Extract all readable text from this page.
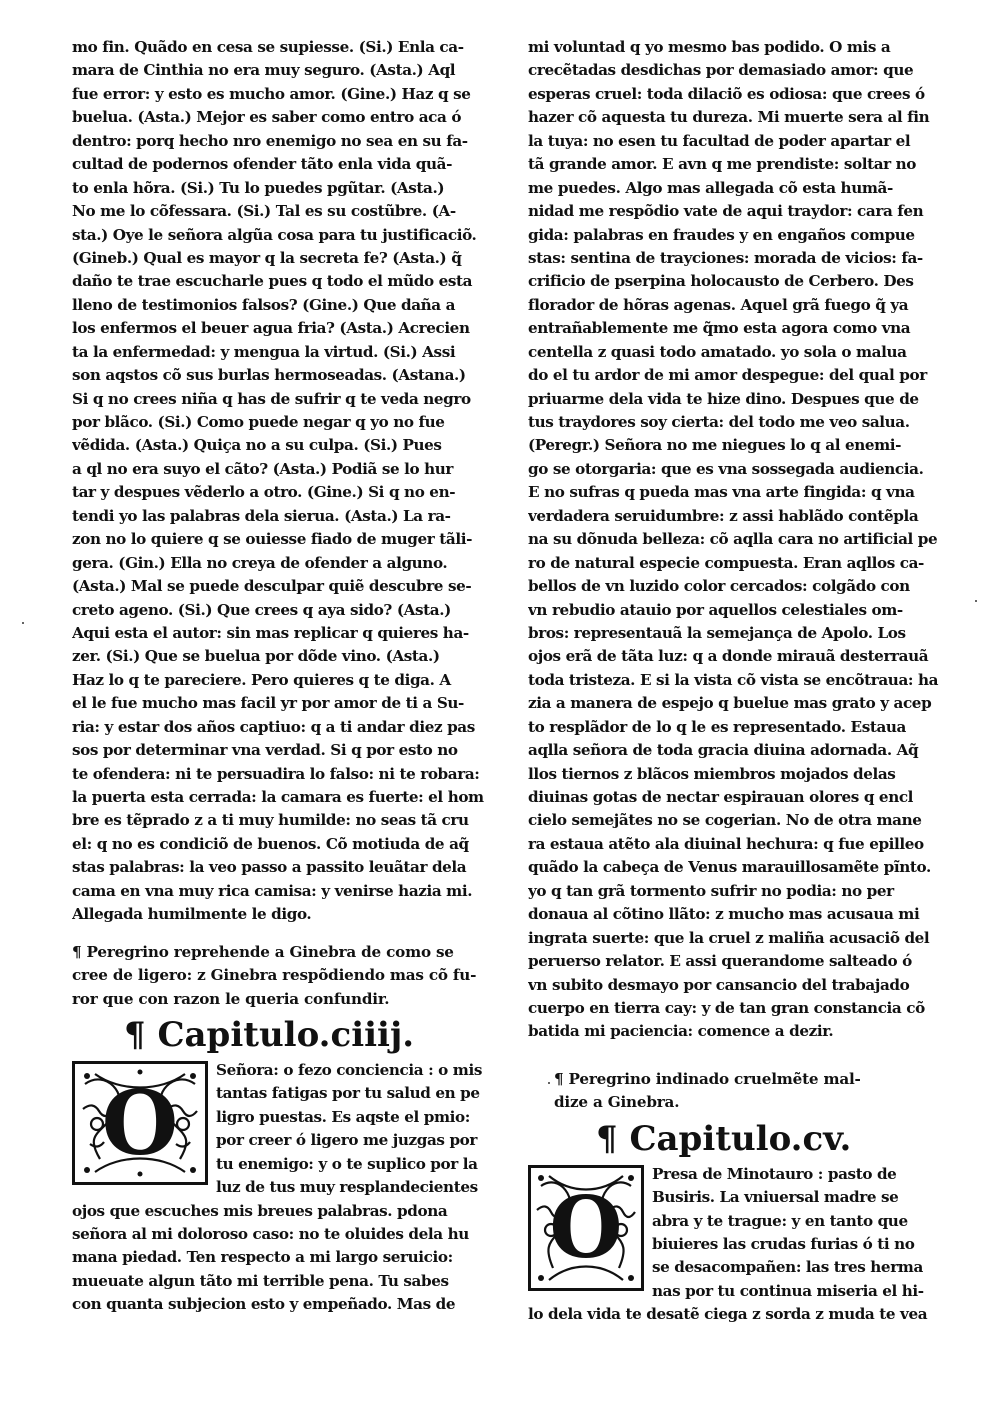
mo fin. Quãdo en cesa se supiesse. (Si.) Enla ca-
mara de Cinthia no era muy seguro. (Asta.) Aql
fue error: y esto es mucho amor. (Gine.) Haz q se
buelua. (Asta.) Mejor es saber como entro aca ó
dentro: porq hecho nro enemigo no sea en su fa-
cultad de podernos ofender tãto enla vida quã-
to enla hõra. (Si.) Tu lo puedes pgũtar. (Asta.)
No me lo cõfessara. (Si.) Tal es su costũbre. (A-
sta.) Oye le señora algũa cosa para tu justificaciõ.
(Gineb.) Qual es mayor q la secreta fe? (Asta.) q̃
daño te trae escucharle pues q todo el mũdo esta
lleno de testimonios falsos? (Gine.) Que daña a
los enfermos el beuer agua fria? (Asta.) Acrecien
ta la enfermedad: y mengua la virtud. (Si.) Assi
son aqstos cõ sus burlas hermoseadas. (Astana.)
Si q no crees niña q has de sufrir q te veda negro
por blãco. (Si.) Como puede negar q yo no fue
vẽdida. (Asta.) Quiça no a su culpa. (Si.) Pues
a ql no era suyo el cãto? (Asta.) Podiã se lo hur
tar y despues vẽderlo a otro. (Gine.) Si q no en-
tendi yo las palabras dela sierua. (Asta.) La ra-
zon no lo quiere q se ouiesse fiado de muger tãli-
gera. (Gin.) Ella no creya de ofender a alguno.
(Asta.) Mal se puede desculpar quiẽ descubre se-
creto ageno. (Si.) Que crees q aya sido? (Asta.)
Aqui esta el autor: sin mas replicar q quieres ha-
zer. (Si.) Que se buelua por dõde vino. (Asta.)
Haz lo q te pareciere. Pero quieres q te diga. A
el le fue mucho mas facil yr por amor de ti a Su-
ria: y estar dos años captiuo: q a ti andar diez pas
sos por determinar vna verdad. Si q por esto no
te ofendera: ni te persuadira lo falso: ni te robara:
la puerta esta cerrada: la camara es fuerte: el hom
bre es tẽprado z a ti muy humilde: no seas tã cru
el: q no es condiciõ de buenos. Cõ motiuda de aq̃
stas palabras: la veo passo a passito leuãtar dela
cama en vna muy rica camisa: y venirse hazia mi.
Allegada humilmente le digo.
¶ Peregrino reprehende a Ginebra de como se
cree de ligero: z Ginebra respõdiendo mas cõ fu-
ror que con razon le queria confundir.
¶ Capitulo.ciiij.
O
Señora: o fezo conciencia : o mis
tantas fatigas por tu salud en pe
ligro puestas. Es aqste el pmio:
por creer ó ligero me juzgas por
tu enemigo: y o te suplico por la
luz de tus muy resplandecientes
ojos que escuches mis breues palabras. pdona
señora al mi doloroso caso: no te oluides dela hu
mana piedad. Ten respecto a mi largo seruicio:
mueuate algun tãto mi terrible pena. Tu sabes
con quanta subjecion esto y empeñado. Mas de
mi voluntad q yo mesmo bas podido. O mis a
crecẽtadas desdichas por demasiado amor: que
esperas cruel: toda dilaciõ es odiosa: que crees ó
hazer cõ aquesta tu dureza. Mi muerte sera al fin
la tuya: no esen tu facultad de poder apartar el
tã grande amor. E avn q me prendiste: soltar no
me puedes. Algo mas allegada cõ esta humã-
nidad me respõdio vate de aqui traydor: cara fen
gida: palabras en fraudes y en engaños compue
stas: sentina de trayciones: morada de vicios: fa-
crificio de pserpina holocausto de Cerbero. Des
florador de hõras agenas. Aquel grã fuego q̃ ya
entrañablemente me q̃mo esta agora como vna
centella z quasi todo amatado. yo sola o malua
do el tu ardor de mi amor despegue: del qual por
priuarme dela vida te hize dino. Despues que de
tus traydores soy cierta: del todo me veo salua.
(Peregr.) Señora no me niegues lo q al enemi-
go se otorgaria: que es vna sossegada audiencia.
E no sufras q pueda mas vna arte fingida: q vna
verdadera seruidumbre: z assi hablãdo contẽpla
na su dõnuda belleza: cõ aqlla cara no artificial pe
ro de natural especie compuesta. Eran aqllos ca-
bellos de vn luzido color cercados: colgãdo con
vn rebudio atauio por aquellos celestiales om-
bros: representauã la semejança de Apolo. Los
ojos erã de tãta luz: q a donde mirauã desterrauã
toda tristeza. E si la vista cõ vista se encõtraua: ha
zia a manera de espejo q buelue mas grato y acep
to resplãdor de lo q le es representado. Estaua
aqlla señora de toda gracia diuina adornada. Aq̃
llos tiernos z blãcos miembros mojados delas
diuinas gotas de nectar espirauan olores q encl
cielo semejãtes no se cogerian. No de otra mane
ra estaua atẽto ala diuinal hechura: q fue epilleo
quãdo la cabeça de Venus marauillosamẽte pĩnto.
yo q tan grã tormento sufrir no podia: no per
donaua al cõtino llãto: z mucho mas acusaua mi
ingrata suerte: que la cruel z maliña acusaciõ del
peruerso relator. E assi querandome salteado ó
vn subito desmayo por cansancio del trabajado
cuerpo en tierra cay: y de tan gran constancia cõ
batida mi paciencia: comence a dezir.
¶ Peregrino indinado cruelmẽte mal-
dize a Ginebra.
¶ Capitulo.cv.
O
Presa de Minotauro : pasto de
Busiris. La vniuersal madre se
abra y te trague: y en tanto que
biuieres las crudas furias ó ti no
se desacompañen: las tres herma
nas por tu continua miseria el hi-
lo dela vida te desatẽ ciega z sorda z muda te vea
